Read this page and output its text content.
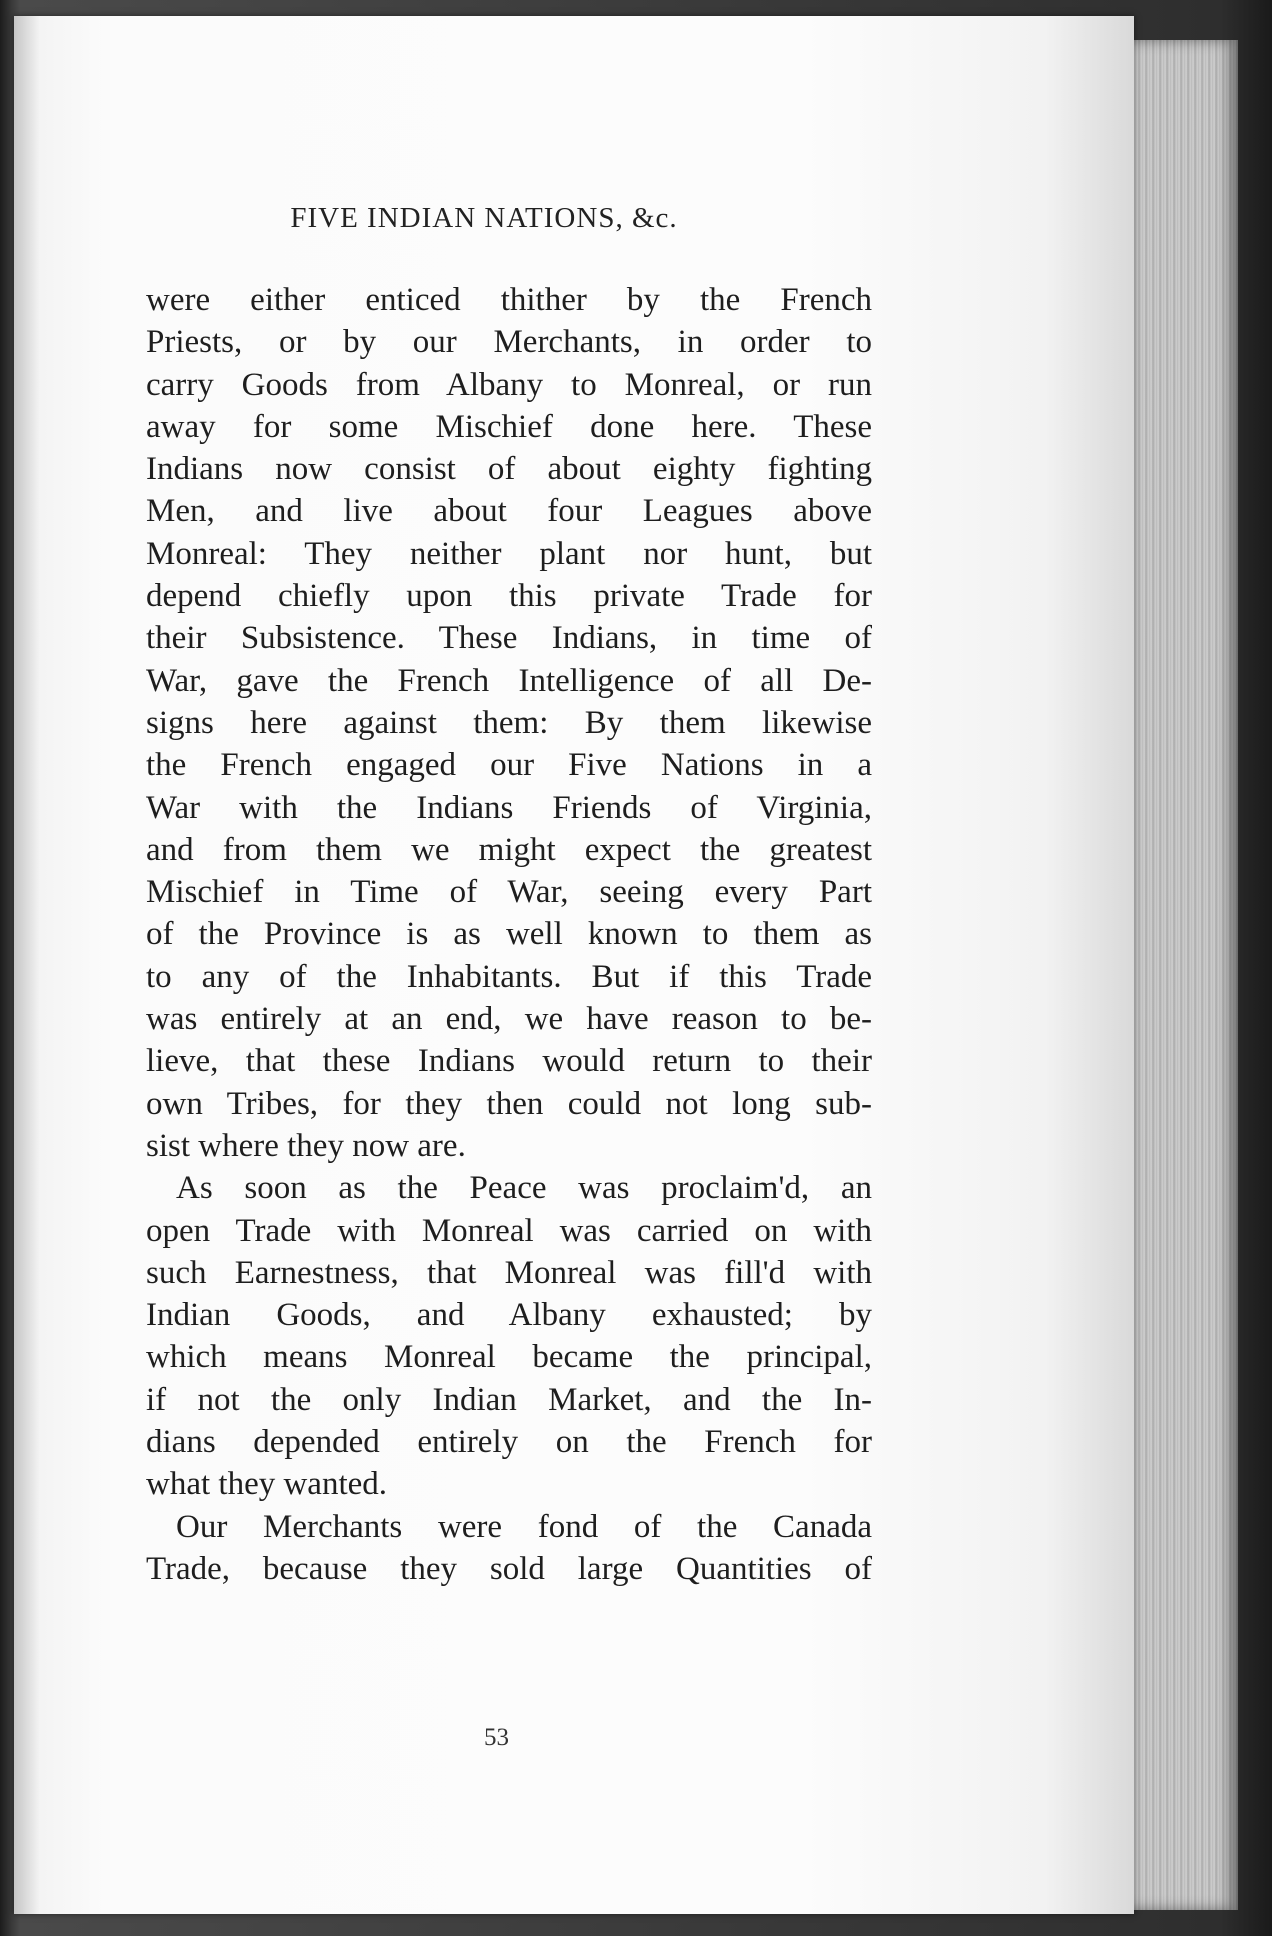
FIVE INDIAN NATIONS, &c.
were either enticed thither by the French
Priests, or by our Merchants, in order to
carry Goods from Albany to Monreal, or run
away for some Mischief done here. These
Indians now consist of about eighty fighting
Men, and live about four Leagues above
Monreal: They neither plant nor hunt, but
depend chiefly upon this private Trade for
their Subsistence. These Indians, in time of
War, gave the French Intelligence of all De-
signs here against them: By them likewise
the French engaged our Five Nations in a
War with the Indians Friends of Virginia,
and from them we might expect the greatest
Mischief in Time of War, seeing every Part
of the Province is as well known to them as
to any of the Inhabitants. But if this Trade
was entirely at an end, we have reason to be-
lieve, that these Indians would return to their
own Tribes, for they then could not long sub-
sist where they now are.
As soon as the Peace was proclaim'd, an
open Trade with Monreal was carried on with
such Earnestness, that Monreal was fill'd with
Indian Goods, and Albany exhausted; by
which means Monreal became the principal,
if not the only Indian Market, and the In-
dians depended entirely on the French for
what they wanted.
Our Merchants were fond of the Canada
Trade, because they sold large Quantities of
53
